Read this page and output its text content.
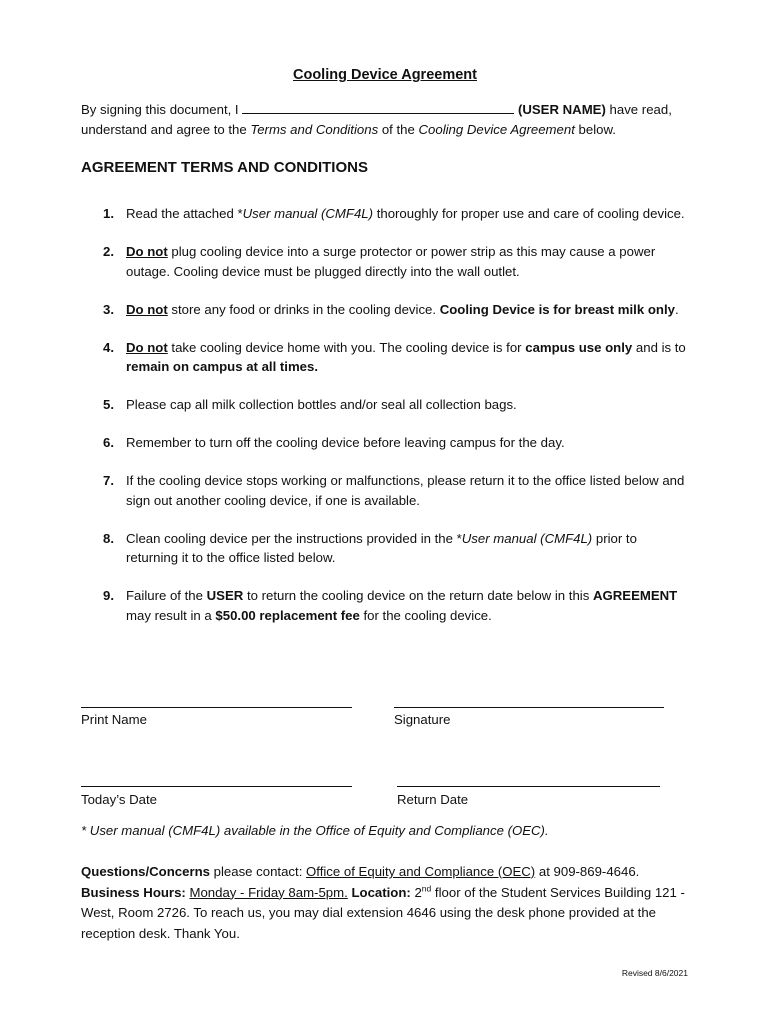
Cooling Device Agreement
By signing this document, I	(USER NAME) have read, understand and agree to the Terms and Conditions of the Cooling Device Agreement below.
AGREEMENT TERMS AND CONDITIONS
1. Read the attached *User manual (CMF4L) thoroughly for proper use and care of cooling device.
2. Do not plug cooling device into a surge protector or power strip as this may cause a power outage. Cooling device must be plugged directly into the wall outlet.
3. Do not store any food or drinks in the cooling device. Cooling Device is for breast milk only.
4. Do not take cooling device home with you. The cooling device is for campus use only and is to remain on campus at all times.
5. Please cap all milk collection bottles and/or seal all collection bags.
6. Remember to turn off the cooling device before leaving campus for the day.
7. If the cooling device stops working or malfunctions, please return it to the office listed below and sign out another cooling device, if one is available.
8. Clean cooling device per the instructions provided in the *User manual (CMF4L) prior to returning it to the office listed below.
9. Failure of the USER to return the cooling device on the return date below in this AGREEMENT may result in a $50.00 replacement fee for the cooling device.
Print Name	Signature
Today’s Date	Return Date
* User manual (CMF4L) available in the Office of Equity and Compliance (OEC).
Questions/Concerns please contact: Office of Equity and Compliance (OEC) at 909-869-4646.
Business Hours: Monday - Friday 8am-5pm. Location: 2nd floor of the Student Services Building 121 - West, Room 2726. To reach us, you may dial extension 4646 using the desk phone provided at the reception desk. Thank You.
Revised 8/6/2021
